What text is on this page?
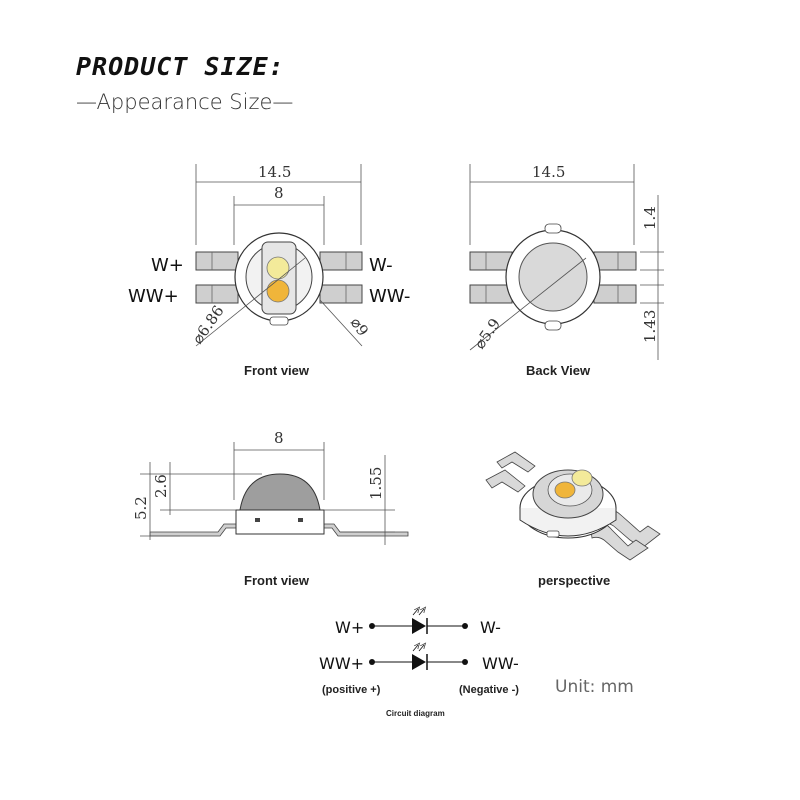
PRODUCT SIZE:
—Appearance Size—
14.5
8
W+
WW+
W-
WW-
⌀6.86	⌀9
Front view
14.5
1.4
1.43
⌀5.9
Back View
8
5.2
2.6	1.55
Front view	perspective
W+	W-
WW+	WW-
(positive +)	(Negative -)
Circuit diagram
Unit: mm
